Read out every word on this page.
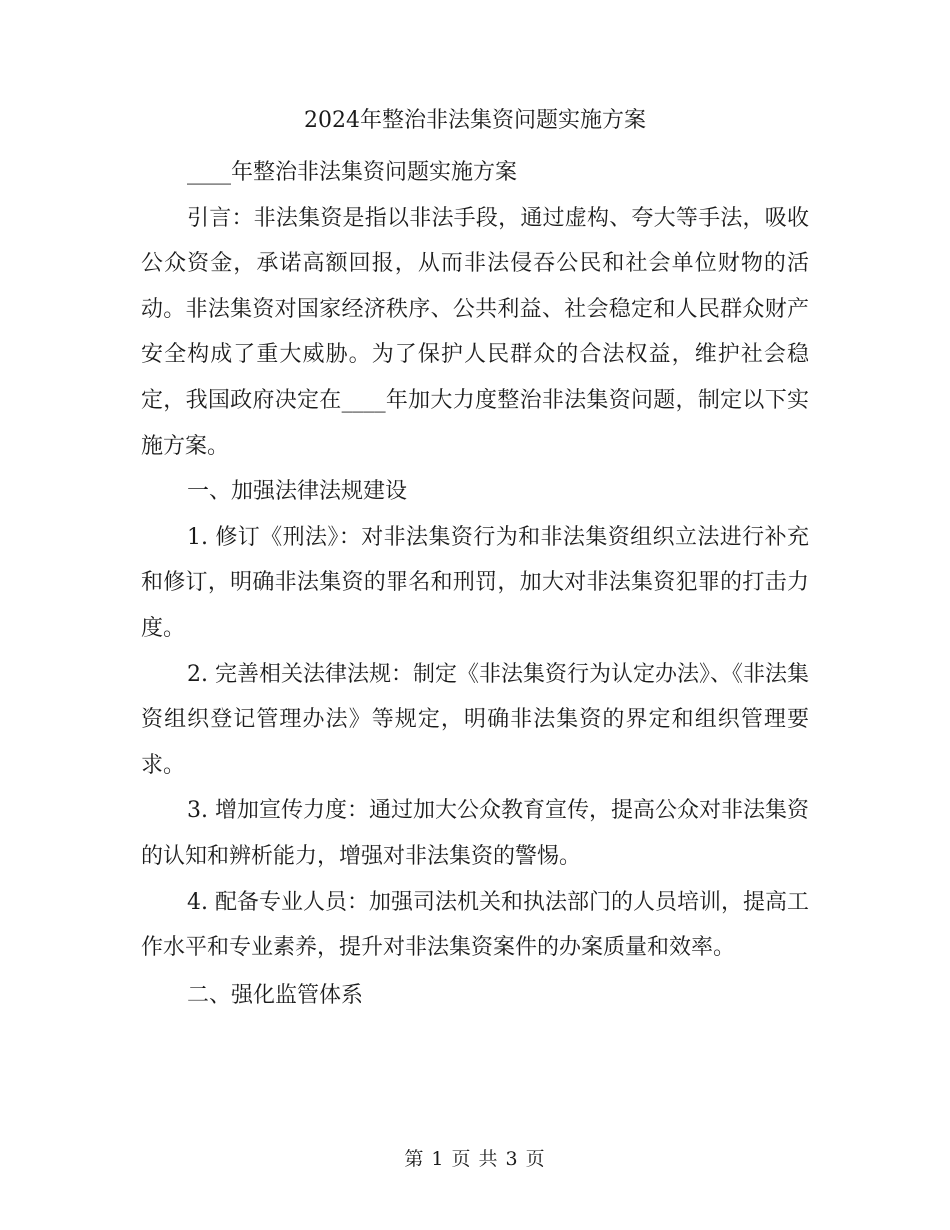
2024年整治非法集资问题实施方案

____年整治非法集资问题实施方案

引言：非法集资是指以非法手段，通过虚构、夸大等手法，吸收公众资金，承诺高额回报，从而非法侵吞公民和社会单位财物的活动。非法集资对国家经济秩序、公共利益、社会稳定和人民群众财产安全构成了重大威胁。为了保护人民群众的合法权益，维护社会稳定，我国政府决定在____年加大力度整治非法集资问题，制定以下实施方案。

一、加强法律法规建设

1. 修订《刑法》：对非法集资行为和非法集资组织立法进行补充和修订，明确非法集资的罪名和刑罚，加大对非法集资犯罪的打击力度。

2. 完善相关法律法规：制定《非法集资行为认定办法》、《非法集资组织登记管理办法》等规定，明确非法集资的界定和组织管理要求。

3. 增加宣传力度：通过加大公众教育宣传，提高公众对非法集资的认知和辨析能力，增强对非法集资的警惕。

4. 配备专业人员：加强司法机关和执法部门的人员培训，提高工作水平和专业素养，提升对非法集资案件的办案质量和效率。

二、强化监管体系

第 1 页 共 3 页
